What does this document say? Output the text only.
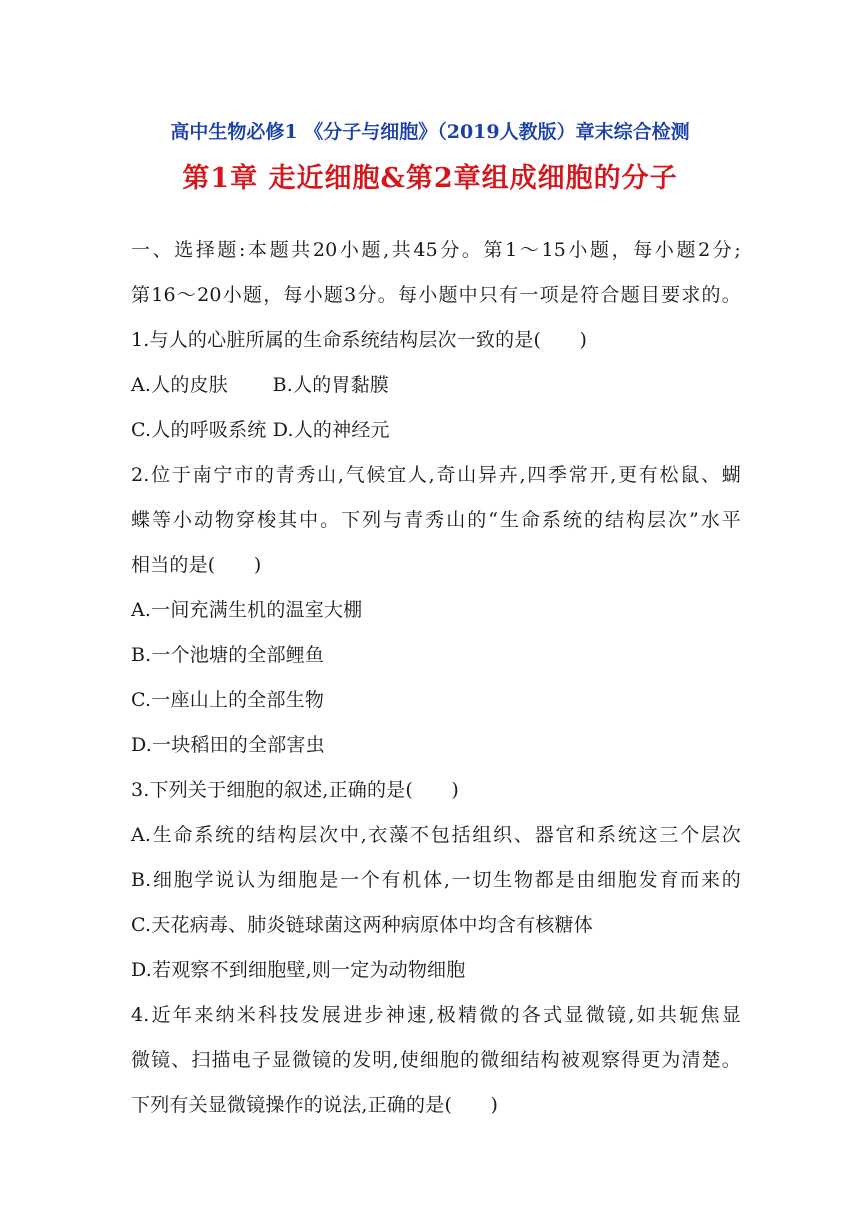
高中生物必修1 《分子与细胞》（2019人教版）章末综合检测
第1章 走近细胞&第2章组成细胞的分子
一、选择题:本题共20小题,共45分。第1～15小题，每小题2分;
第16～20小题，每小题3分。每小题中只有一项是符合题目要求的。
1.与人的心脏所属的生命系统结构层次一致的是(　　)
A.人的皮肤　　 B.人的胃黏膜
C.人的呼吸系统 D.人的神经元
2.位于南宁市的青秀山,气候宜人,奇山异卉,四季常开,更有松鼠、蝴
蝶等小动物穿梭其中。下列与青秀山的“生命系统的结构层次”水平
相当的是(　　)
A.一间充满生机的温室大棚
B.一个池塘的全部鲤鱼
C.一座山上的全部生物
D.一块稻田的全部害虫
3.下列关于细胞的叙述,正确的是(　　)
A.生命系统的结构层次中,衣藻不包括组织、器官和系统这三个层次
B.细胞学说认为细胞是一个有机体,一切生物都是由细胞发育而来的
C.天花病毒、肺炎链球菌这两种病原体中均含有核糖体
D.若观察不到细胞壁,则一定为动物细胞
4.近年来纳米科技发展进步神速,极精微的各式显微镜,如共轭焦显
微镜、扫描电子显微镜的发明,使细胞的微细结构被观察得更为清楚。
下列有关显微镜操作的说法,正确的是(　　)
